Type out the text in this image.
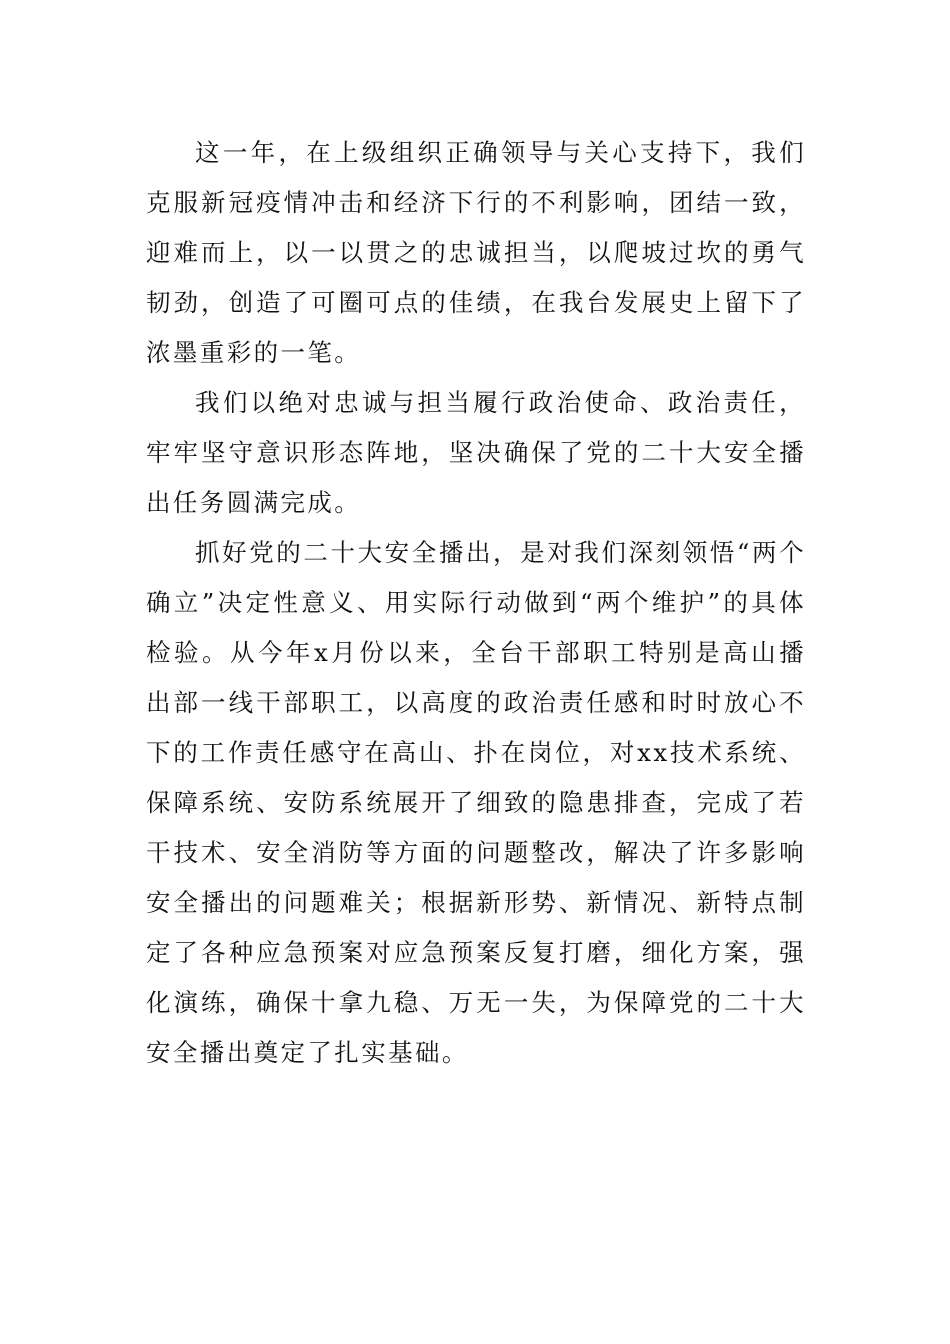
这一年，在上级组织正确领导与关心支持下，我们克服新冠疫情冲击和经济下行的不利影响，团结一致，迎难而上，以一以贯之的忠诚担当，以爬坡过坎的勇气韧劲，创造了可圈可点的佳绩，在我台发展史上留下了浓墨重彩的一笔。

我们以绝对忠诚与担当履行政治使命、政治责任，牢牢坚守意识形态阵地，坚决确保了党的二十大安全播出任务圆满完成。

抓好党的二十大安全播出，是对我们深刻领悟“两个确立”决定性意义、用实际行动做到“两个维护”的具体检验。从今年x月份以来，全台干部职工特别是高山播出部一线干部职工，以高度的政治责任感和时时放心不下的工作责任感守在高山、扑在岗位，对xx技术系统、保障系统、安防系统展开了细致的隐患排查，完成了若干技术、安全消防等方面的问题整改，解决了许多影响安全播出的问题难关；根据新形势、新情况、新特点制定了各种应急预案对应急预案反复打磨，细化方案，强化演练，确保十拿九稳、万无一失，为保障党的二十大安全播出奠定了扎实基础。
